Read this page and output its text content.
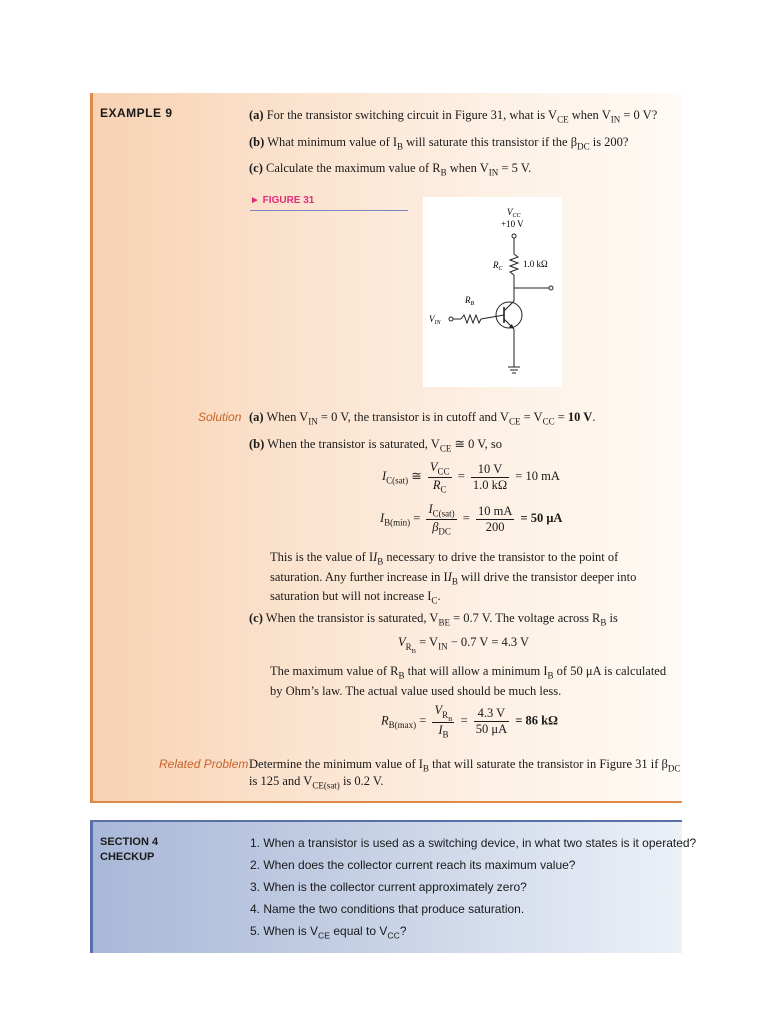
EXAMPLE 9	(a) For the transistor switching circuit in Figure 31, what is $V_{CE}$ when $V_{IN} = 0$ V?
(b) What minimum value of $I_B$ will saturate this transistor if the $\beta_{DC}$ is 200?
(c) Calculate the maximum value of $R_B$ when $V_{IN} = 5$ V.
► FIGURE 31
$V_{CC}$
+10 V
$R_C$ 1.0 kΩ
$V_{IN}$
$R_B$
Solution (a) When $V_{IN} = 0$ V, the transistor is in cutoff and $V_{CE} = V_{CC} = 10$ V.
(b) When the transistor is saturated, $V_{CE}$ ≅ 0 V, so
$I_{C(sat)}$ ≅ $\frac{V_{CC}}{R_C} = \frac{10 V}{1.0 k\Omega} = 10$ mA
$I_{B(min)} = \frac{I_{C(sat)}}{\beta_{DC}} = \frac{10 mA}{200} = 50$ μA
This is the value of $II_B$ necessary to drive the transistor to the point of saturation. Any further increase in $II_B$ will drive the transistor deeper into saturation but will not increase $I_C$.
(c) When the transistor is saturated, $V_{BE} = 0.7$ V. The voltage across $R_B$ is
$V_{R_B} = V_{IN} - 0.7$ V = 4.3 V
The maximum value of $R_B$ that will allow a minimum $I_B$ of 50 μA is calculated by Ohm’s law. The actual value used should be much less.
$R_{B(max)} = \frac{V_{R_B}}{I_B} = \frac{4.3 V}{50 \mu A} = 86$ kΩ
Related Problem Determine the minimum value of $I_B$ that will saturate the transistor in Figure 31 if $\beta_{DC}$
is 125 and $V_{CE(sat)}$ is 0.2 V.
SECTION 4
CHECKUP
1. When a transistor is used as a switching device, in what two states is it operated?
2. When does the collector current reach its maximum value?
3. When is the collector current approximately zero?
4. Name the two conditions that produce saturation.
5. When is $V_{CE}$ equal to $V_{CC}$?
